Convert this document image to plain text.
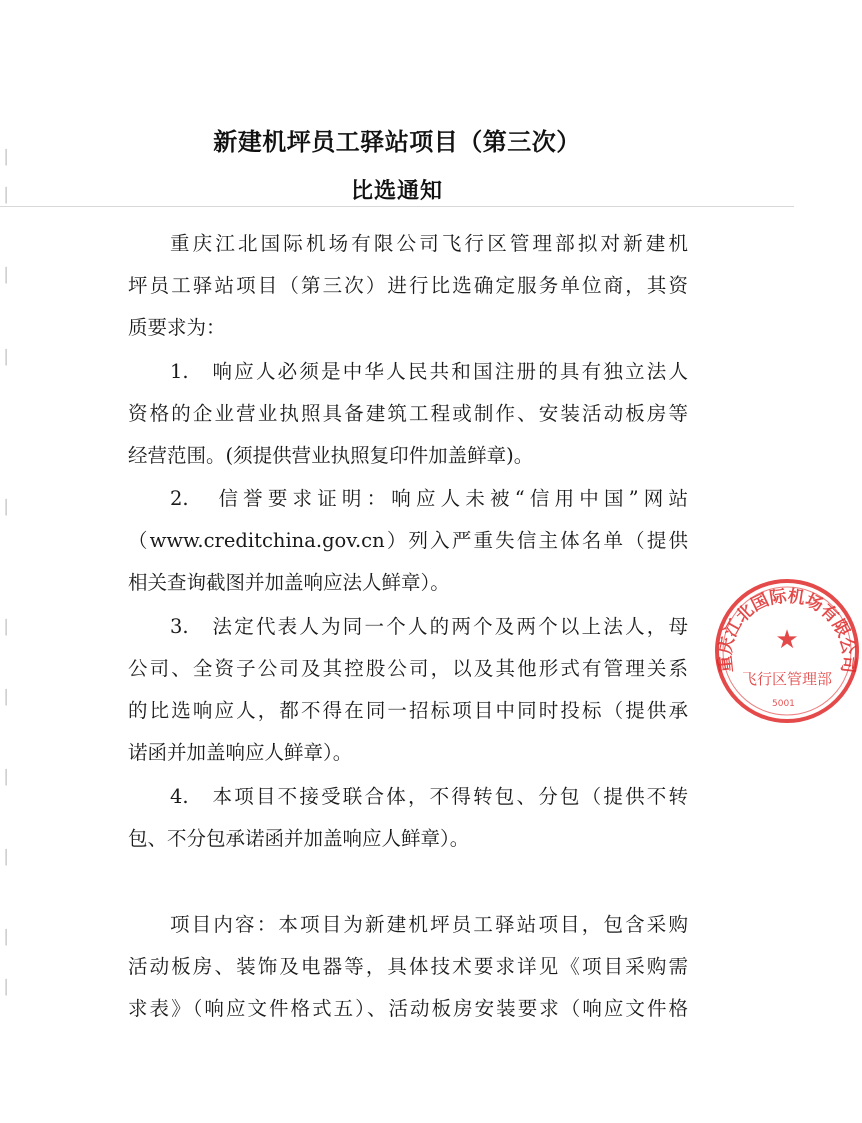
│
│
│
│
│
│
│
│
│
│
│
新建机坪员工驿站项目（第三次）
比选通知
重庆江北国际机场有限公司飞行区管理部拟对新建机
坪员工驿站项目（第三次）进行比选确定服务单位商，其资
质要求为：
1.　响应人必须是中华人民共和国注册的具有独立法人
资格的企业营业执照具备建筑工程或制作、安装活动板房等
经营范围。(须提供营业执照复印件加盖鲜章)。
2.　信誉要求证明：响应人未被“信用中国”网站
（www.creditchina.gov.cn）列入严重失信主体名单（提供
相关查询截图并加盖响应法人鲜章）。
3.　法定代表人为同一个人的两个及两个以上法人，母
公司、全资子公司及其控股公司，以及其他形式有管理关系
的比选响应人，都不得在同一招标项目中同时投标（提供承
诺函并加盖响应人鲜章）。
4.　本项目不接受联合体，不得转包、分包（提供不转
包、不分包承诺函并加盖响应人鲜章）。
项目内容：本项目为新建机坪员工驿站项目，包含采购
活动板房、装饰及电器等，具体技术要求详见《项目采购需
求表》（响应文件格式五）、活动板房安装要求（响应文件格
重庆江北国际机场有限公司
★
飞行区管理部
5001
